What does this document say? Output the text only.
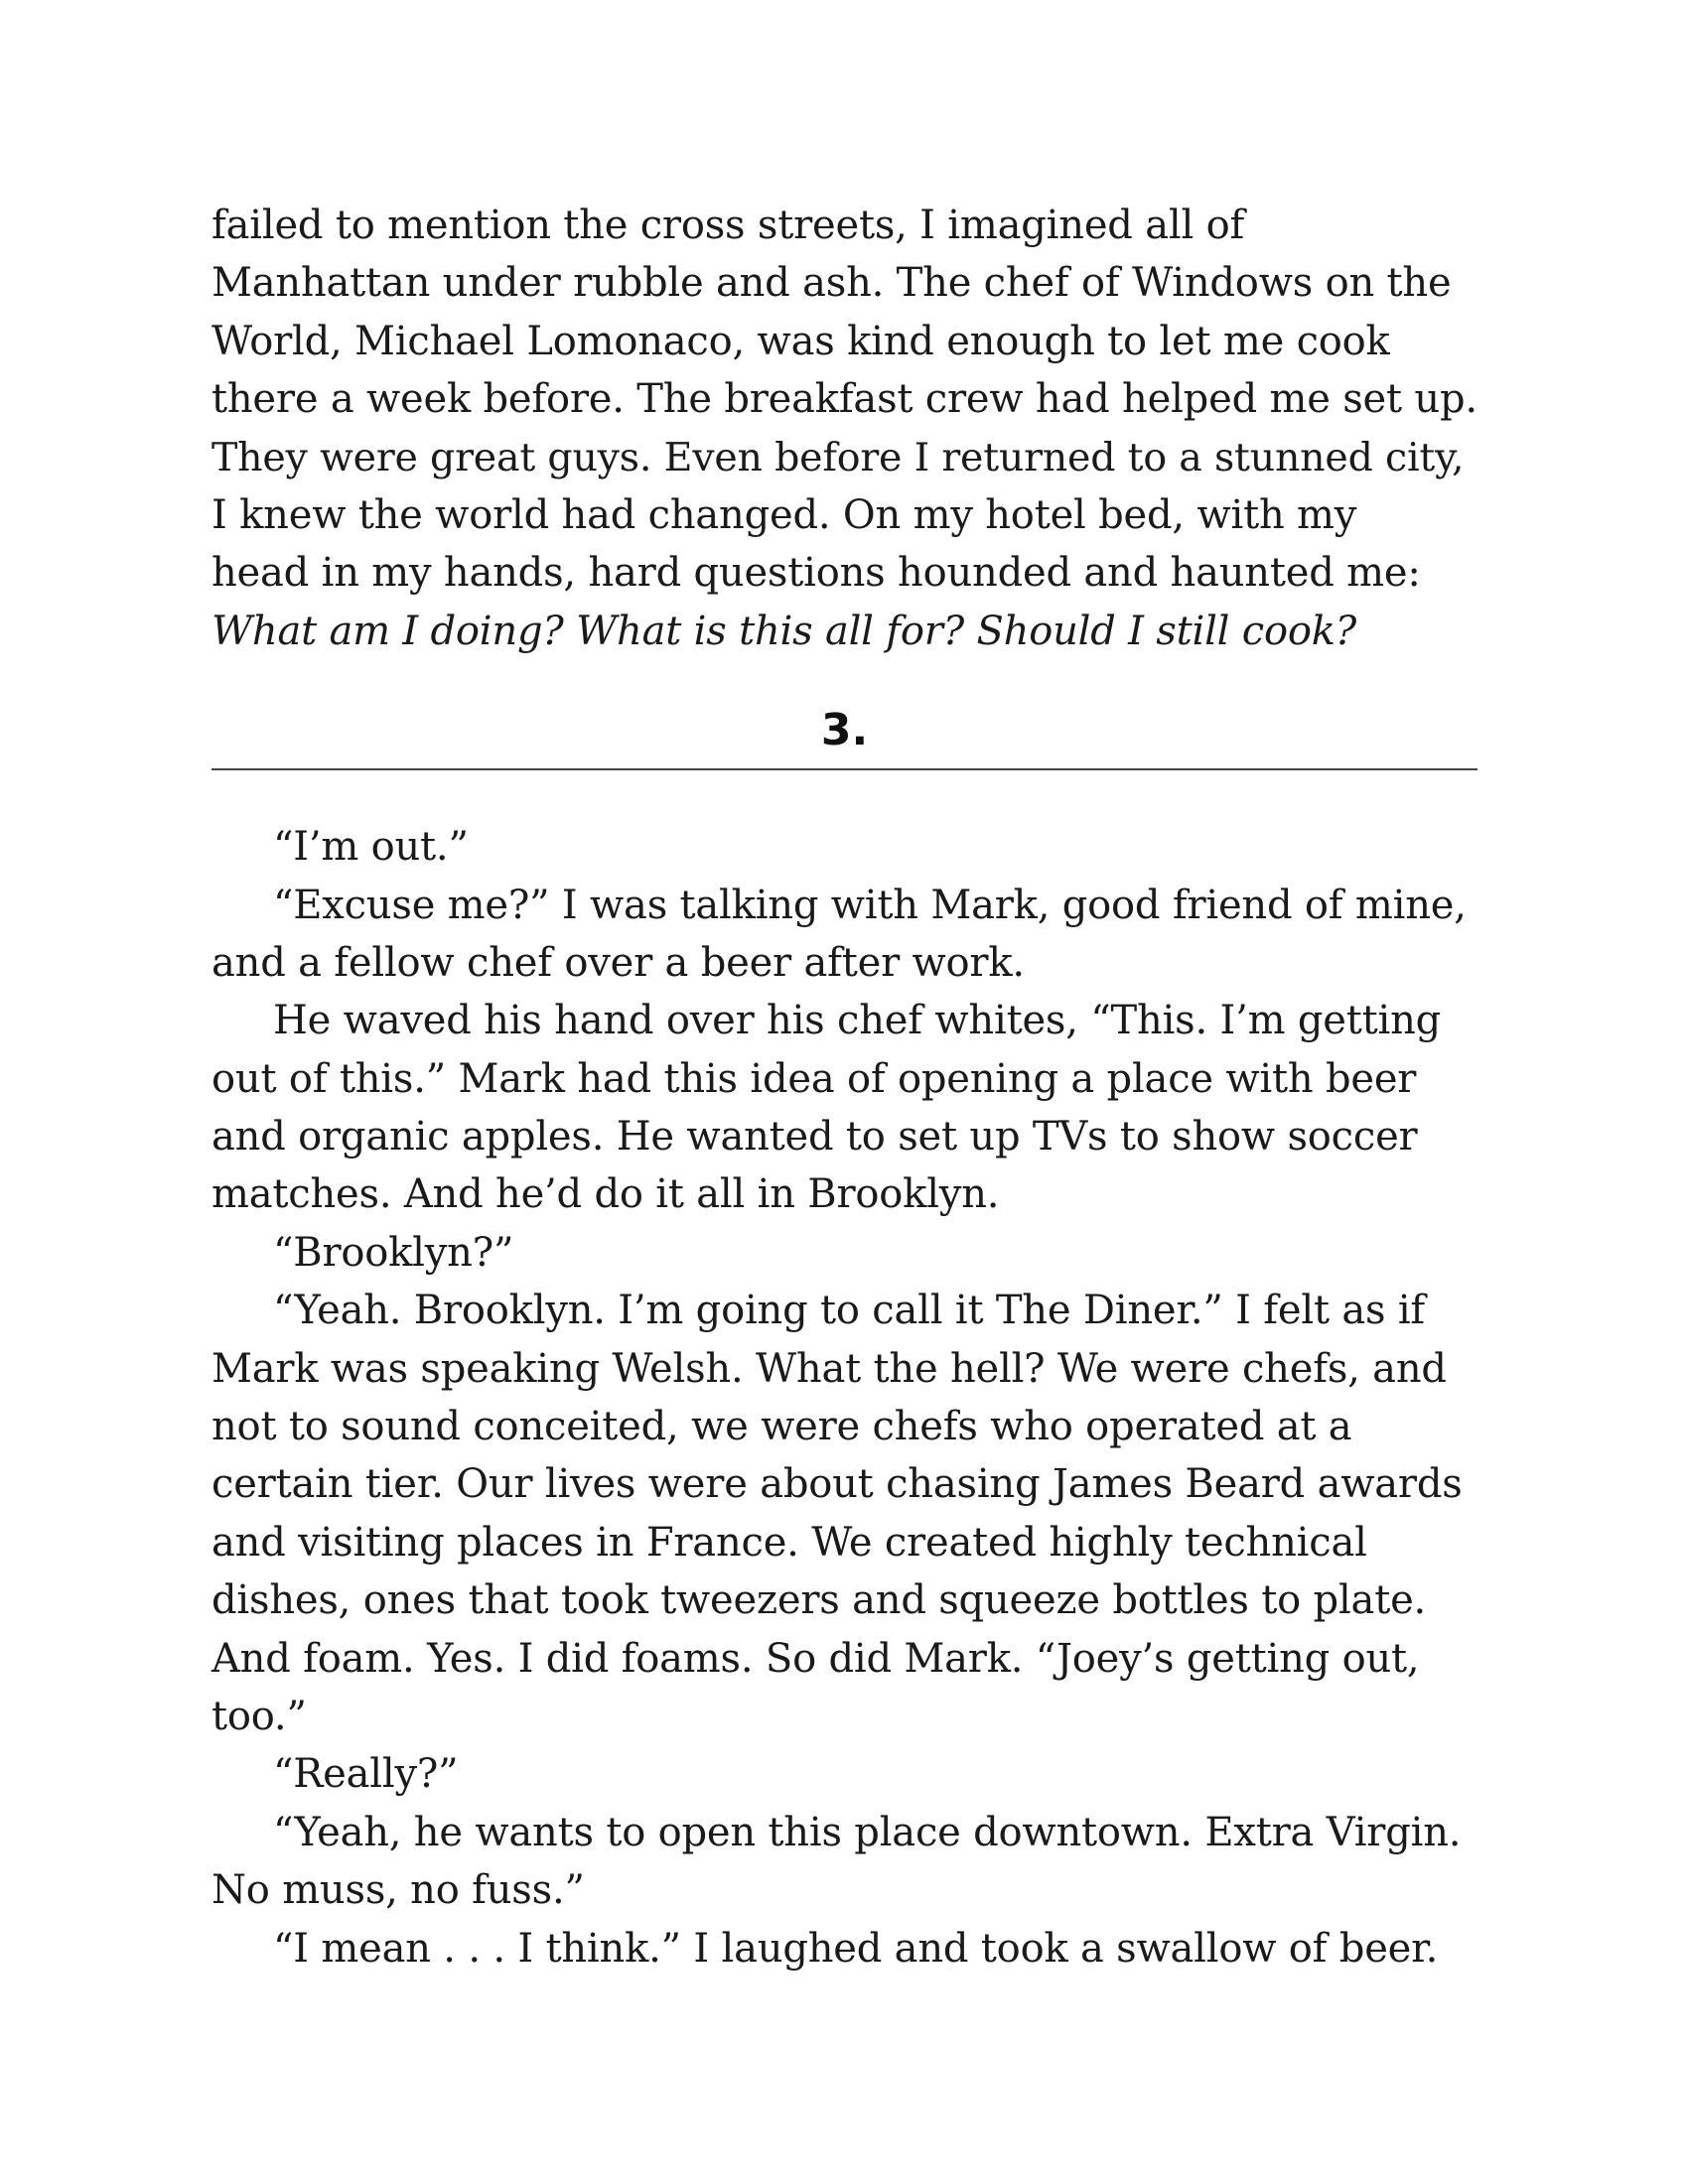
failed to mention the cross streets, I imagined all of
Manhattan under rubble and ash. The chef of Windows on the
World, Michael Lomonaco, was kind enough to let me cook
there a week before. The breakfast crew had helped me set up.
They were great guys. Even before I returned to a stunned city,
I knew the world had changed. On my hotel bed, with my
head in my hands, hard questions hounded and haunted me:
What am I doing? What is this all for? Should I still cook?
3.
“I’m out.”
“Excuse me?” I was talking with Mark, good friend of mine,
and a fellow chef over a beer after work.
He waved his hand over his chef whites, “This. I’m getting
out of this.” Mark had this idea of opening a place with beer
and organic apples. He wanted to set up TVs to show soccer
matches. And he’d do it all in Brooklyn.
“Brooklyn?”
“Yeah. Brooklyn. I’m going to call it The Diner.” I felt as if
Mark was speaking Welsh. What the hell? We were chefs, and
not to sound conceited, we were chefs who operated at a
certain tier. Our lives were about chasing James Beard awards
and visiting places in France. We created highly technical
dishes, ones that took tweezers and squeeze bottles to plate.
And foam. Yes. I did foams. So did Mark. “Joey’s getting out,
too.”
“Really?”
“Yeah, he wants to open this place downtown. Extra Virgin.
No muss, no fuss.”
“I mean . . . I think.” I laughed and took a swallow of beer.
